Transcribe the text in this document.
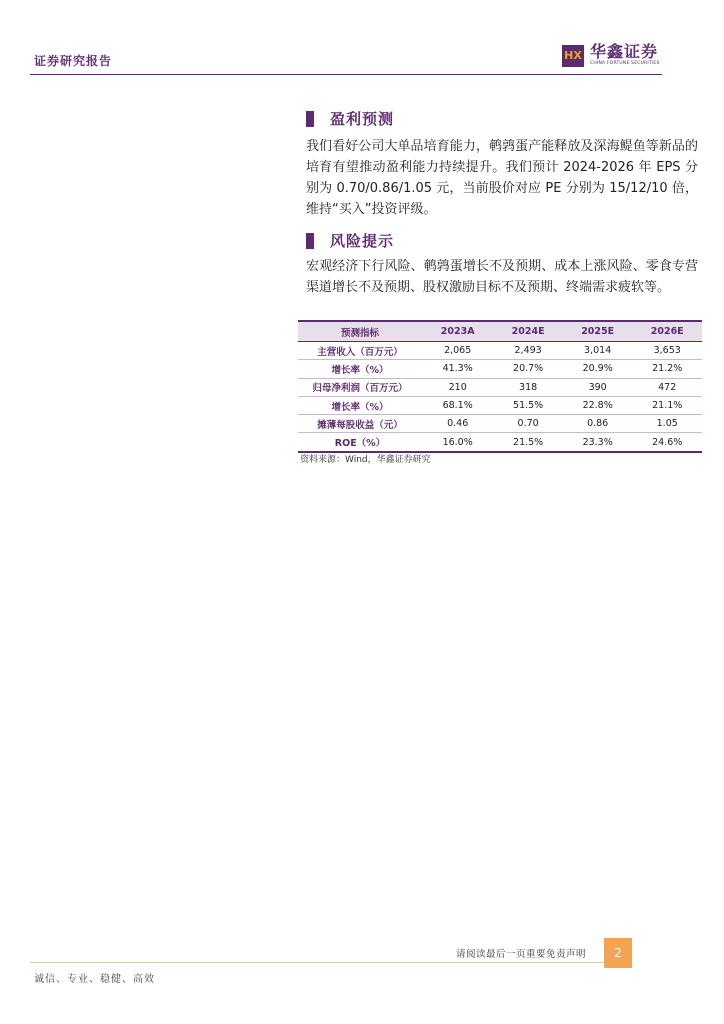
证券研究报告	HX 华鑫证券
CHINA FORTUNE SECURITIES
盈利预测
我们看好公司大单品培育能力，鹌鹑蛋产能释放及深海鳀鱼等新品的培育有望推动盈利能力持续提升。我们预计 2024-2026 年 EPS 分别为 0.70/0.86/1.05 元，当前股价对应 PE 分别为 15/12/10 倍，维持“买入”投资评级。
风险提示
宏观经济下行风险、鹌鹑蛋增长不及预期、成本上涨风险、零食专营渠道增长不及预期、股权激励目标不及预期、终端需求疲软等。
预测指标	2023A	2024E	2025E	2026E
主营收入（百万元）	2,065	2,493	3,014	3,653
增长率（%）	41.3%	20.7%	20.9%	21.2%
归母净利润（百万元）	210	318	390	472
增长率（%）	68.1%	51.5%	22.8%	21.1%
摊薄每股收益（元）	0.46	0.70	0.86	1.05
ROE（%）	16.0%	21.5%	23.3%	24.6%
资料来源：Wind，华鑫证券研究
请阅读最后一页重要免责声明	2
诚信、专业、稳健、高效
